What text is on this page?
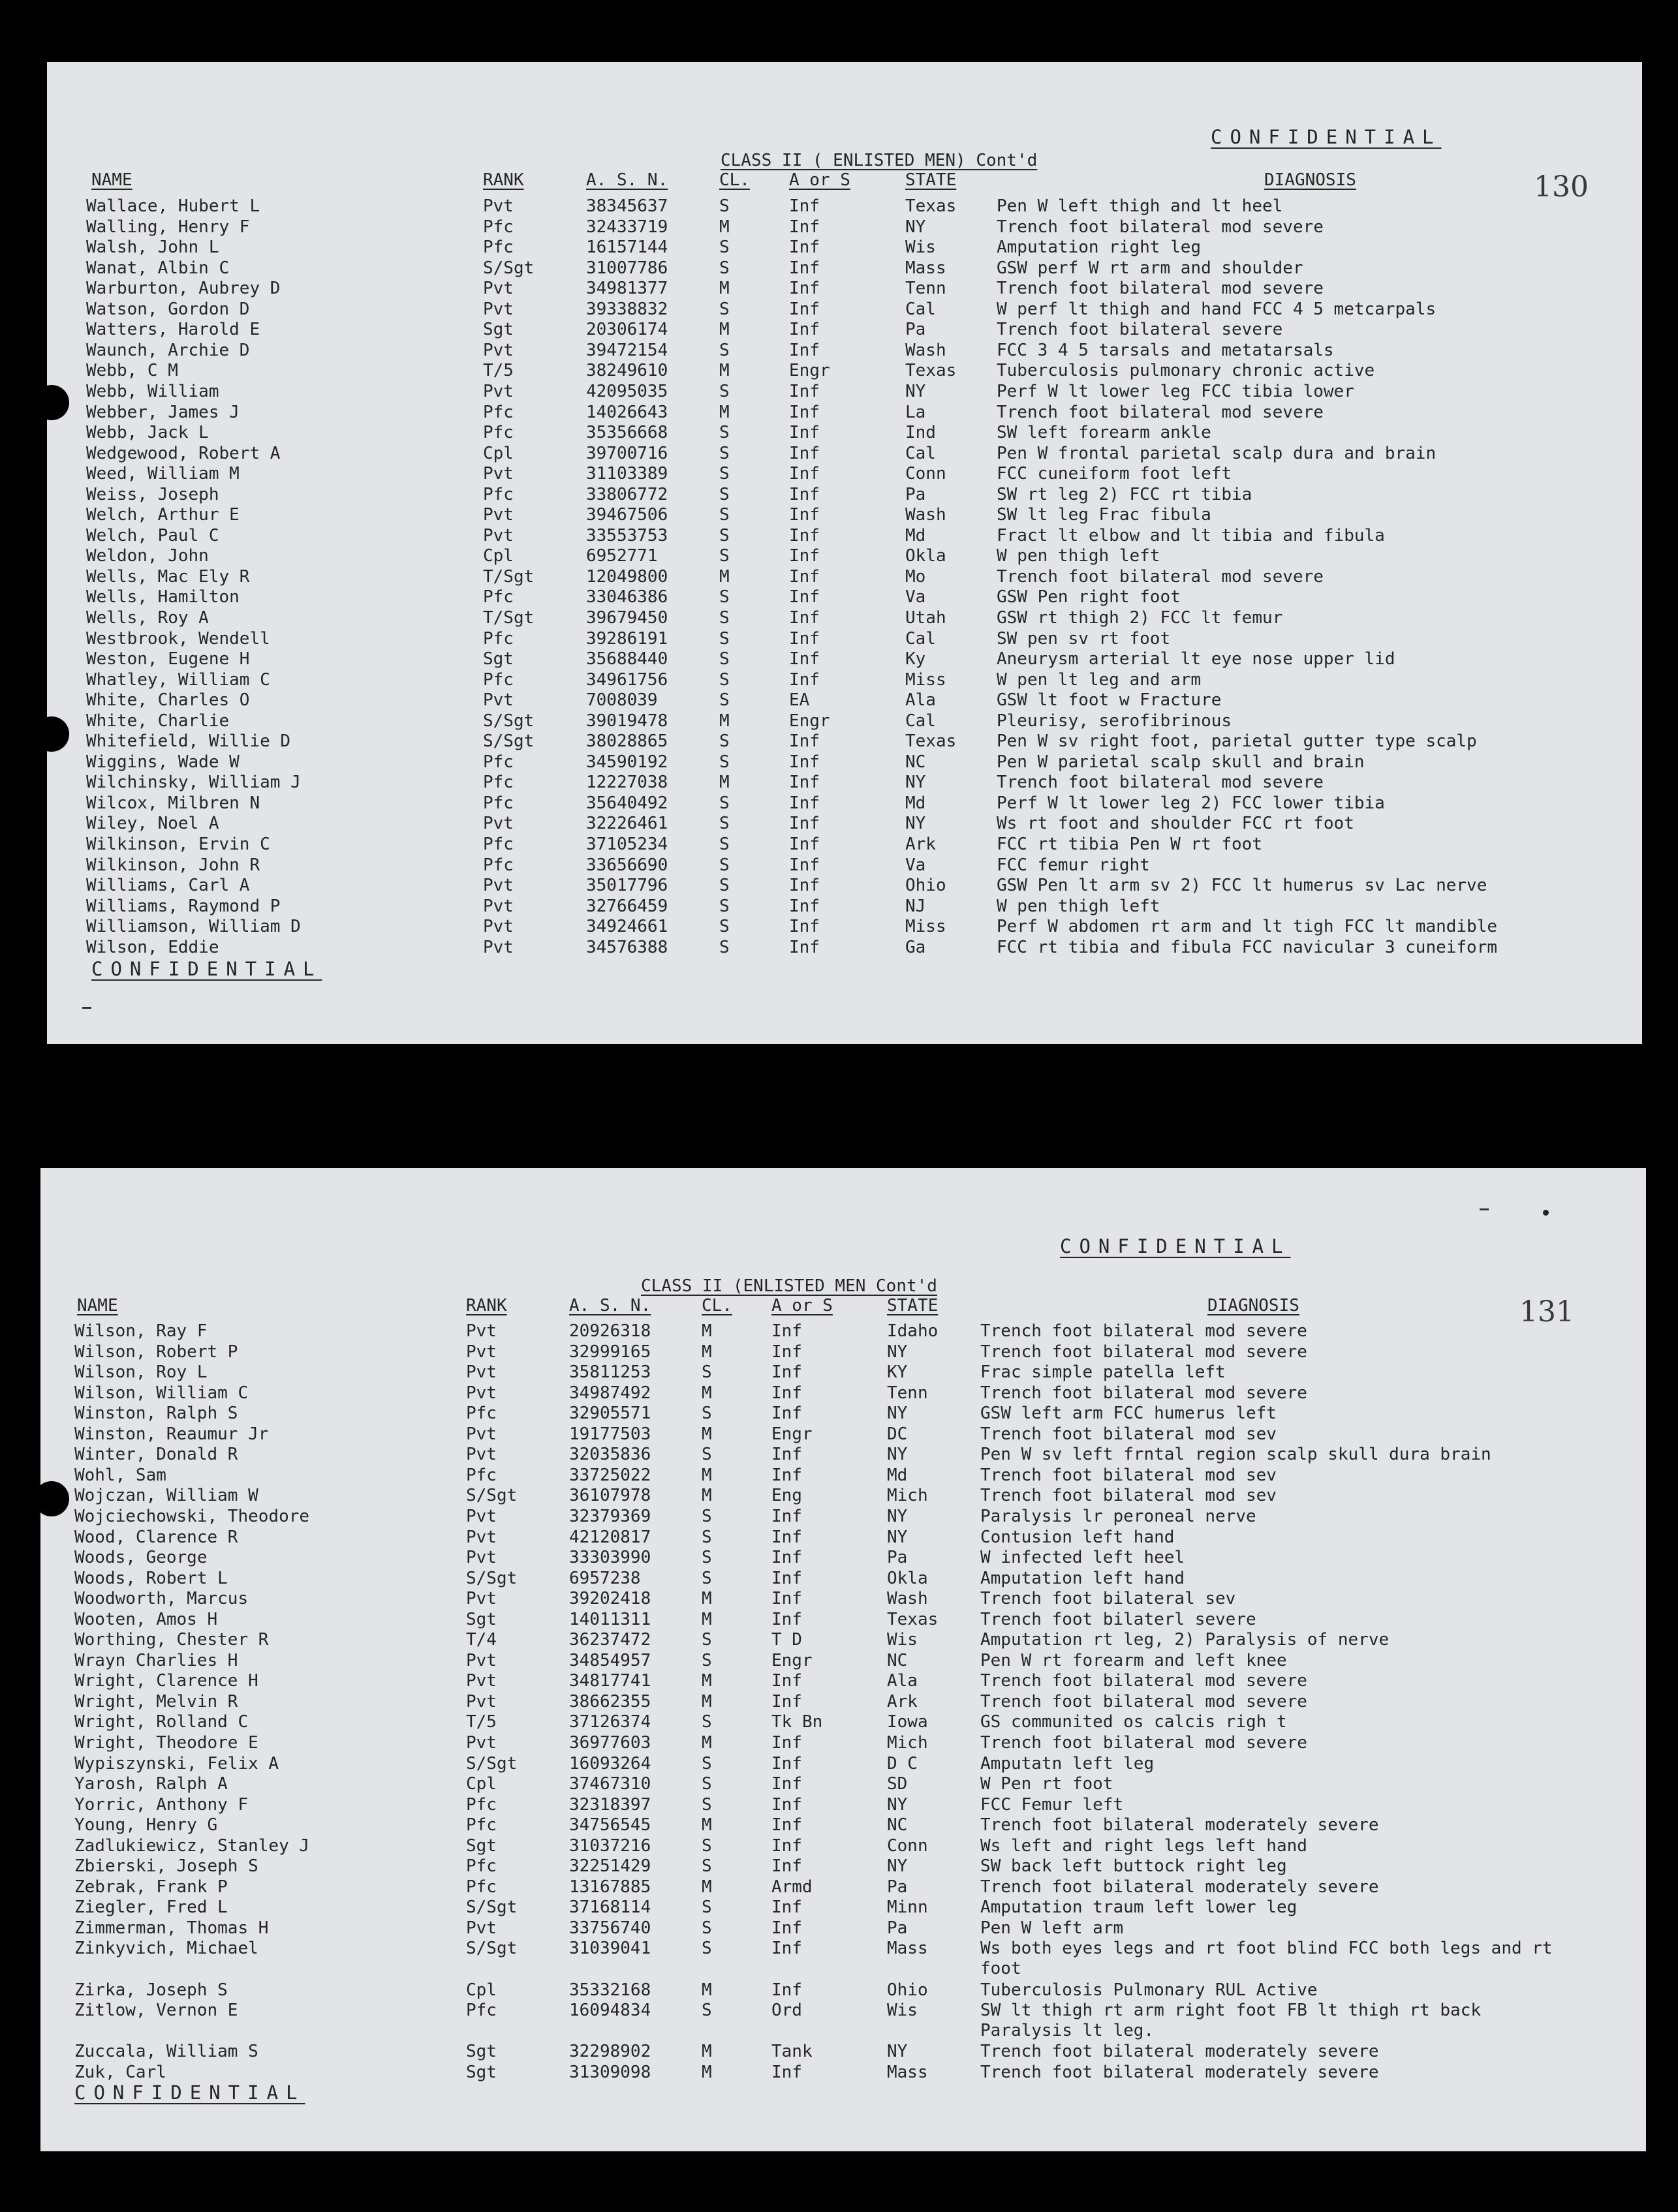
CONFIDENTIAL
CLASS II ( ENLISTED MEN) Cont'd
130
NAME	RANK	A. S. N.	CL. A or S	STATE	DIAGNOSIS
Wallace, Hubert L	Pvt	38345637	S	Inf	Texas Pen W left thigh and lt heel
Walling, Henry F	Pfc	32433719	M	Inf	NY	Trench foot bilateral mod severe
Walsh, John L	Pfc	16157144	S	Inf	Wis	Amputation right leg
Wanat, Albin C	S/Sgt	31007786	S	Inf	Mass	GSW perf W rt arm and shoulder
Warburton, Aubrey D	Pvt	34981377	M	Inf	Tenn	Trench foot bilateral mod severe
Watson, Gordon D	Pvt	39338832	S	Inf	Cal	W perf lt thigh and hand FCC 4 5 metcarpals
Watters, Harold E	Sgt	20306174	M	Inf	Pa	Trench foot bilateral severe
Waunch, Archie D	Pvt	39472154	S	Inf	Wash	FCC 3 4 5 tarsals and metatarsals
Webb, C M	T/5	38249610	M	Engr	Texas Tuberculosis pulmonary chronic active
Webb, William	Pvt	42095035	S	Inf	NY	Perf W lt lower leg FCC tibia lower
Webber, James J	Pfc	14026643	M	Inf	La	Trench foot bilateral mod severe
Webb, Jack L	Pfc	35356668	S	Inf	Ind	SW left forearm ankle
Wedgewood, Robert A	Cpl	39700716	S	Inf	Cal	Pen W frontal parietal scalp dura and brain
Weed, William M	Pvt	31103389	S	Inf	Conn	FCC cuneiform foot left
Weiss, Joseph	Pfc	33806772	S	Inf	Pa	SW rt leg 2) FCC rt tibia
Welch, Arthur E	Pvt	39467506	S	Inf	Wash	SW lt leg Frac fibula
Welch, Paul C	Pvt	33553753	S	Inf	Md	Fract lt elbow and lt tibia and fibula
Weldon, John	Cpl	6952771	S	Inf	Okla	W pen thigh left
Wells, Mac Ely R	T/Sgt	12049800	M	Inf	Mo	Trench foot bilateral mod severe
Wells, Hamilton	Pfc	33046386	S	Inf	Va	GSW Pen right foot
Wells, Roy A	T/Sgt	39679450	S	Inf	Utah	GSW rt thigh 2) FCC lt femur
Westbrook, Wendell	Pfc	39286191	S	Inf	Cal	SW pen sv rt foot
Weston, Eugene H	Sgt	35688440	S	Inf	Ky	Aneurysm arterial lt eye nose upper lid
Whatley, William C	Pfc	34961756	S	Inf	Miss	W pen lt leg and arm
White, Charles O	Pvt	7008039	S	EA	Ala	GSW lt foot w Fracture
White, Charlie	S/Sgt	39019478	M	Engr	Cal	Pleurisy, serofibrinous
Whitefield, Willie D	S/Sgt	38028865	S	Inf	Texas Pen W sv right foot, parietal gutter type scalp
Wiggins, Wade W	Pfc	34590192	S	Inf	NC	Pen W parietal scalp skull and brain
Wilchinsky, William J	Pfc	12227038	M	Inf	NY	Trench foot bilateral mod severe
Wilcox, Milbren N	Pfc	35640492	S	Inf	Md	Perf W lt lower leg 2) FCC lower tibia
Wiley, Noel A	Pvt	32226461	S	Inf	NY	Ws rt foot and shoulder FCC rt foot
Wilkinson, Ervin C	Pfc	37105234	S	Inf	Ark	FCC rt tibia Pen W rt foot
Wilkinson, John R	Pfc	33656690	S	Inf	Va	FCC femur right
Williams, Carl A	Pvt	35017796	S	Inf	Ohio	GSW Pen lt arm sv 2) FCC lt humerus sv Lac nerve
Williams, Raymond P	Pvt	32766459	S	Inf	NJ	W pen thigh left
Williamson, William D	Pvt	34924661	S	Inf	Miss	Perf W abdomen rt arm and lt tigh FCC lt mandible
Wilson, Eddie	Pvt	34576388	S	Inf	Ga	FCC rt tibia and fibula FCC navicular 3 cuneiform
CONFIDENTIAL
CONFIDENTIAL
CLASS II (ENLISTED MEN Cont'd
131
NAME	RANK	A. S. N.	CL. A or S	STATE	DIAGNOSIS
Wilson, Ray F	Pvt	20926318	M	Inf	Idaho Trench foot bilateral mod severe
Wilson, Robert P	Pvt	32999165	M	Inf	NY	Trench foot bilateral mod severe
Wilson, Roy L	Pvt	35811253	S	Inf	KY	Frac simple patella left
Wilson, William C	Pvt	34987492	M	Inf	Tenn	Trench foot bilateral mod severe
Winston, Ralph S	Pfc	32905571	S	Inf	NY	GSW left arm FCC humerus left
Winston, Reaumur Jr	Pvt	19177503	M	Engr	DC	Trench foot bilateral mod sev
Winter, Donald R	Pvt	32035836	S	Inf	NY	Pen W sv left frntal region scalp skull dura brain
Wohl, Sam	Pfc	33725022	M	Inf	Md	Trench foot bilateral mod sev
Wojczan, William W	S/Sgt	36107978	M	Eng	Mich	Trench foot bilateral mod sev
Wojciechowski, Theodore	Pvt	32379369	S	Inf	NY	Paralysis lr peroneal nerve
Wood, Clarence R	Pvt	42120817	S	Inf	NY	Contusion left hand
Woods, George	Pvt	33303990	S	Inf	Pa	W infected left heel
Woods, Robert L	S/Sgt	6957238	S	Inf	Okla	Amputation left hand
Woodworth, Marcus	Pvt	39202418	M	Inf	Wash	Trench foot bilateral sev
Wooten, Amos H	Sgt	14011311	M	Inf	Texas Trench foot bilaterl severe
Worthing, Chester R	T/4	36237472	S	T D	Wis	Amputation rt leg, 2) Paralysis of nerve
Wrayn Charlies H	Pvt	34854957	S	Engr	NC	Pen W rt forearm and left knee
Wright, Clarence H	Pvt	34817741	M	Inf	Ala	Trench foot bilateral mod severe
Wright, Melvin R	Pvt	38662355	M	Inf	Ark	Trench foot bilateral mod severe
Wright, Rolland C	T/5	37126374	S	Tk Bn	Iowa	GS communited os calcis righ t
Wright, Theodore E	Pvt	36977603	M	Inf	Mich	Trench foot bilateral mod severe
Wypiszynski, Felix A	S/Sgt	16093264	S	Inf	D C	Amputatn left leg
Yarosh, Ralph A	Cpl	37467310	S	Inf	SD	W Pen rt foot
Yorric, Anthony F	Pfc	32318397	S	Inf	NY	FCC Femur left
Young, Henry G	Pfc	34756545	M	Inf	NC	Trench foot bilateral moderately severe
Zadlukiewicz, Stanley J	Sgt	31037216	S	Inf	Conn	Ws left and right legs left hand
Zbierski, Joseph S	Pfc	32251429	S	Inf	NY	SW back left buttock right leg
Zebrak, Frank P	Pfc	13167885	M	Armd	Pa	Trench foot bilateral moderately severe
Ziegler, Fred L	S/Sgt	37168114	S	Inf	Minn	Amputation traum left lower leg
Zimmerman, Thomas H	Pvt	33756740	S	Inf	Pa	Pen W left arm
Zinkyvich, Michael	S/Sgt	31039041	S	Inf	Mass	Ws both eyes legs and rt foot blind FCC both legs and rt foot
Zirka, Joseph S	Cpl	35332168	M	Inf	Ohio	Tuberculosis Pulmonary RUL Active
Zitlow, Vernon E	Pfc	16094834	S	Ord	Wis	SW lt thigh rt arm right foot FB lt thigh rt back Paralysis lt leg.
Zuccala, William S	Sgt	32298902	M	Tank	NY	Trench foot bilateral moderately severe
Zuk, Carl	Sgt	31309098	M	Inf	Mass	Trench foot bilateral moderately severe
CONFIDENTIAL
